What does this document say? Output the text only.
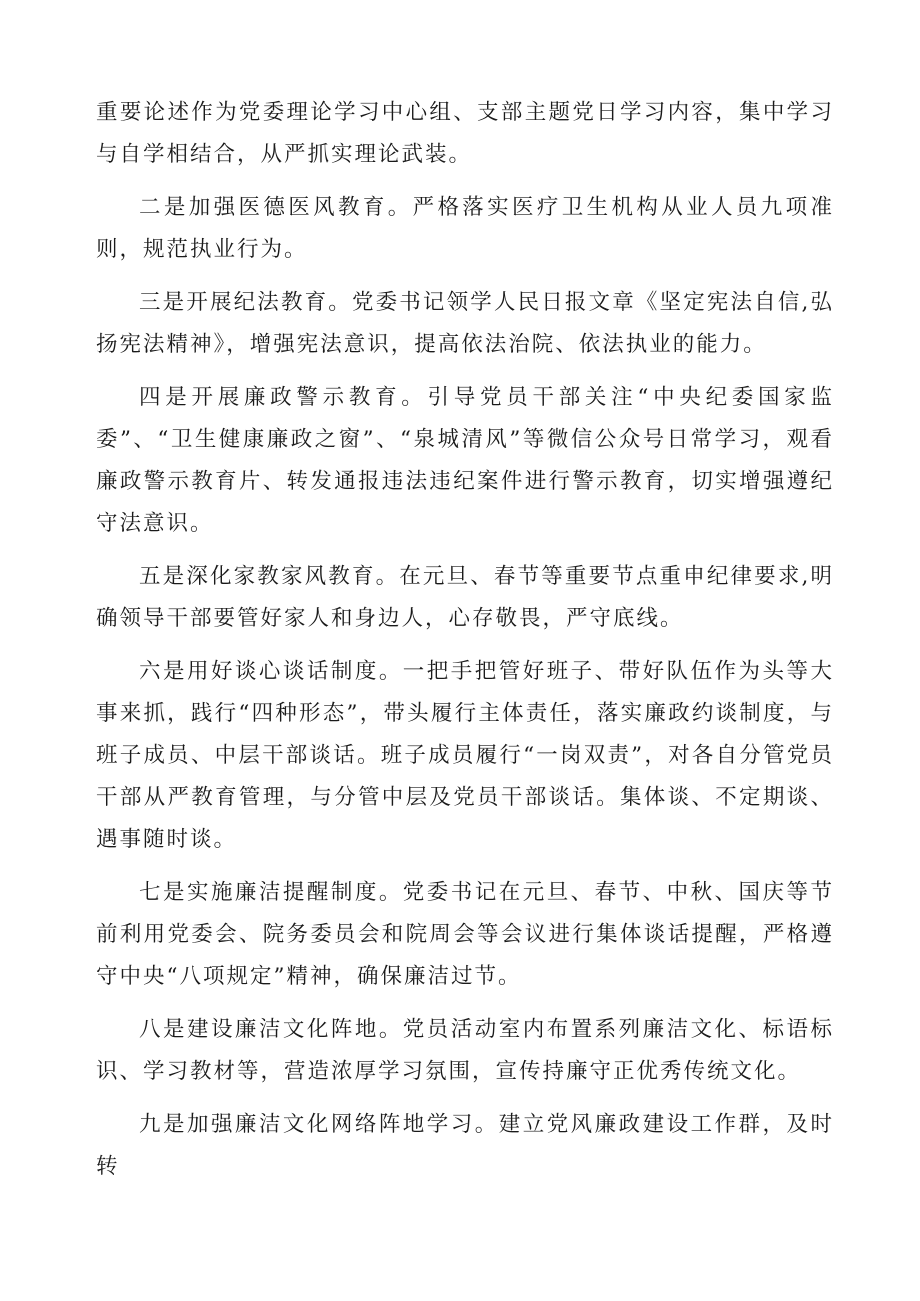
重要论述作为党委理论学习中心组、支部主题党日学习内容，集中学习与自学相结合，从严抓实理论武装。

二是加强医德医风教育。严格落实医疗卫生机构从业人员九项准则，规范执业行为。

三是开展纪法教育。党委书记领学人民日报文章《坚定宪法自信,弘扬宪法精神》，增强宪法意识，提高依法治院、依法执业的能力。

四是开展廉政警示教育。引导党员干部关注“中央纪委国家监委”、“卫生健康廉政之窗”、“泉城清风”等微信公众号日常学习，观看廉政警示教育片、转发通报违法违纪案件进行警示教育，切实增强遵纪守法意识。

五是深化家教家风教育。在元旦、春节等重要节点重申纪律要求,明确领导干部要管好家人和身边人，心存敬畏，严守底线。

六是用好谈心谈话制度。一把手把管好班子、带好队伍作为头等大事来抓，践行“四种形态”，带头履行主体责任，落实廉政约谈制度，与班子成员、中层干部谈话。班子成员履行“一岗双责”，对各自分管党员干部从严教育管理，与分管中层及党员干部谈话。集体谈、不定期谈、遇事随时谈。

七是实施廉洁提醒制度。党委书记在元旦、春节、中秋、国庆等节前利用党委会、院务委员会和院周会等会议进行集体谈话提醒，严格遵守中央“八项规定”精神，确保廉洁过节。

八是建设廉洁文化阵地。党员活动室内布置系列廉洁文化、标语标识、学习教材等，营造浓厚学习氛围，宣传持廉守正优秀传统文化。

九是加强廉洁文化网络阵地学习。建立党风廉政建设工作群，及时转
